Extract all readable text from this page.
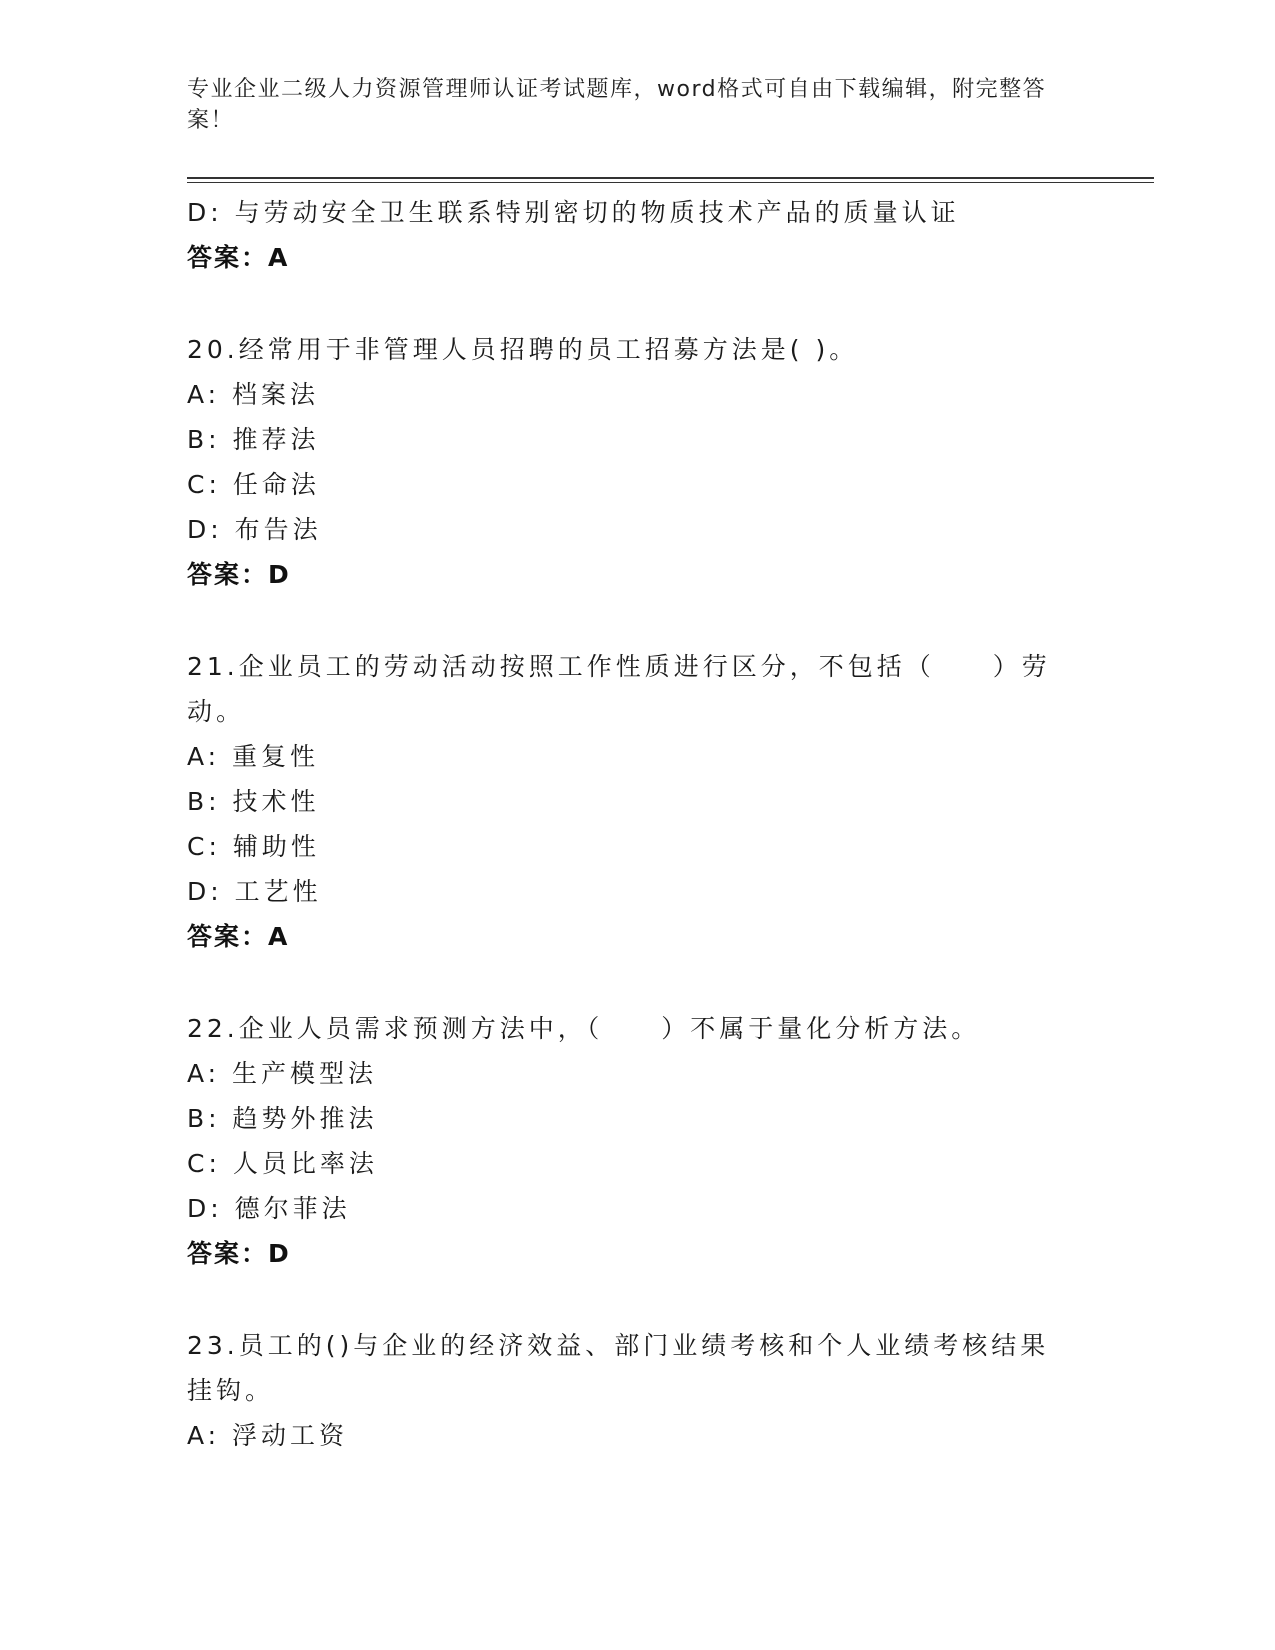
专业企业二级人力资源管理师认证考试题库，word格式可自由下载编辑，附完整答案！
D: 与劳动安全卫生联系特别密切的物质技术产品的质量认证
答案：A
20.经常用于非管理人员招聘的员工招募方法是( )。
A: 档案法
B: 推荐法
C: 任命法
D: 布告法
答案：D
21.企业员工的劳动活动按照工作性质进行区分，不包括（　　）劳动。
A: 重复性
B: 技术性
C: 辅助性
D: 工艺性
答案：A
22.企业人员需求预测方法中，（　　）不属于量化分析方法。
A: 生产模型法
B: 趋势外推法
C: 人员比率法
D: 德尔菲法
答案：D
23.员工的()与企业的经济效益、部门业绩考核和个人业绩考核结果挂钩。
A: 浮动工资
